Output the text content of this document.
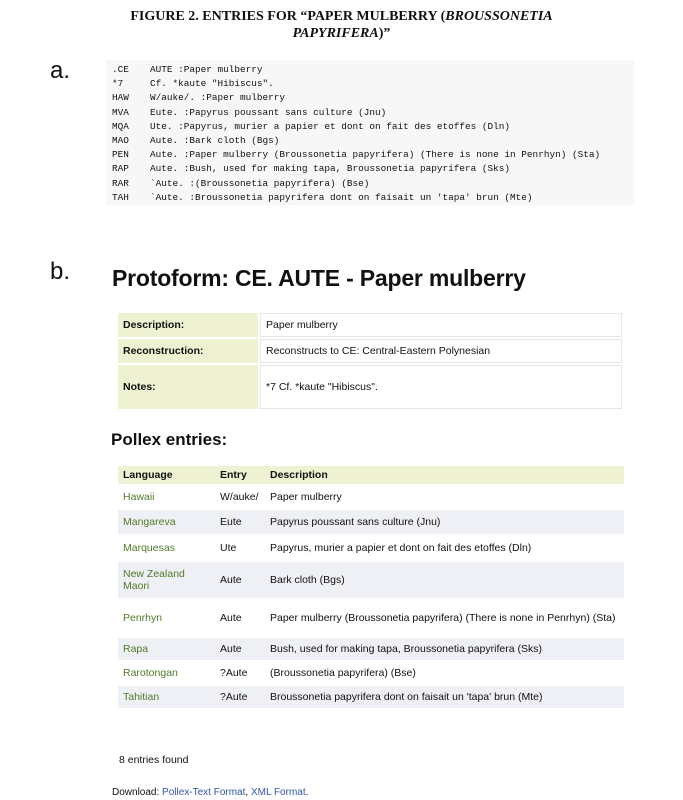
FIGURE 2. ENTRIES FOR “PAPER MULBERRY (BROUSSONETIA
PAPYRIFERA)”
a.	.CE AUTE :Paper mulberry
*7	Cf. *kaute "Hibiscus".
HAW W/auke/. :Paper mulberry
MVA Eute. :Papyrus poussant sans culture (Jnu)
MQA Ute. :Papyrus, murier a papier et dont on fait des etoffes (Dln)
MAO Aute. :Bark cloth (Bgs)
PEN Aute. :Paper mulberry (Broussonetia papyrifera) (There is none in Penrhyn) (Sta)
RAP Aute. :Bush, used for making tapa, Broussonetia papyrifera (Sks)
RAR `Aute. :(Broussonetia papyrifera) (Bse)
TAH `Aute. :Broussonetia papyrifera dont on faisait un 'tapa' brun (Mte)
b. Protoform: CE. AUTE - Paper mulberry
Description:	Paper mulberry
Reconstruction:	Reconstructs to CE: Central-Eastern Polynesian
Notes:	*7 Cf. *kaute "Hibiscus".
Pollex entries:
Language	Entry	Description
Hawaii	W/auke/	Paper mulberry
Mangareva	Eute	Papyrus poussant sans culture (Jnu)
Marquesas	Ute	Papyrus, murier a papier et dont on fait des etoffes (Dln)
New Zealand Maori	Aute	Bark cloth (Bgs)
Penrhyn	Aute	Paper mulberry (Broussonetia papyrifera) (There is none in Penrhyn) (Sta)
Rapa	Aute	Bush, used for making tapa, Broussonetia papyrifera (Sks)
Rarotongan	?Aute	(Broussonetia papyrifera) (Bse)
Tahitian	?Aute	Broussonetia papyrifera dont on faisait un 'tapa' brun (Mte)
8 entries found
Download: Pollex-Text Format, XML Format.
